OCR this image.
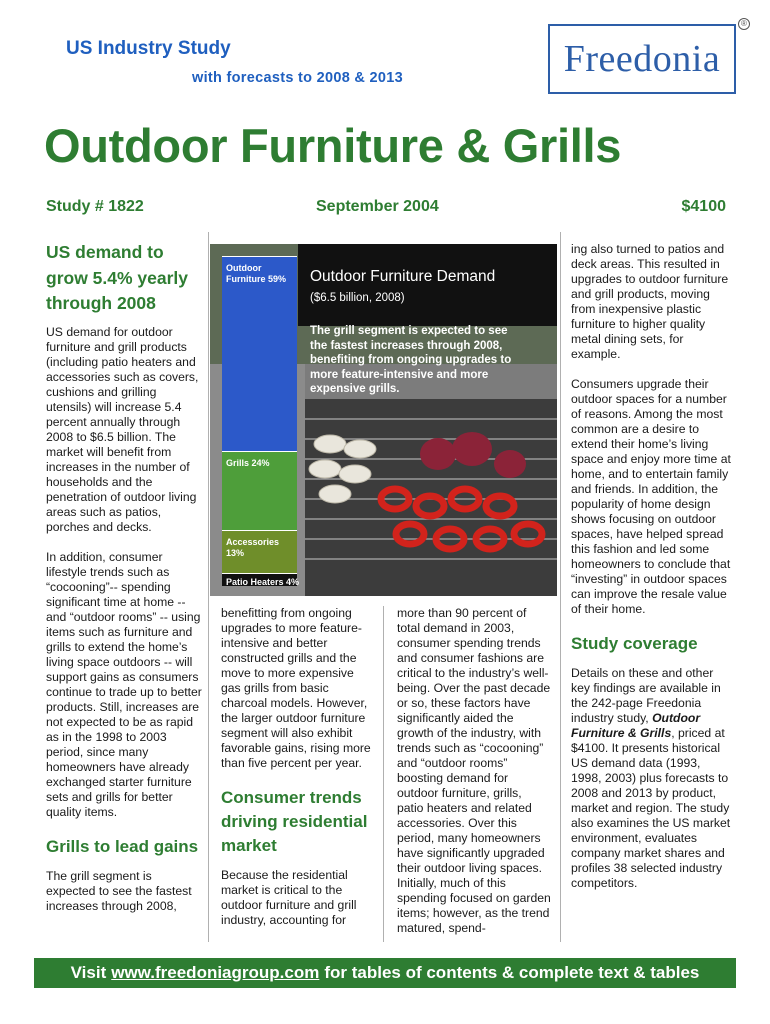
US Industry Study
with forecasts to 2008 & 2013	Freedonia
®
Outdoor Furniture & Grills
Study # 1822	September 2004	$4100
US demand to grow 5.4% yearly through 2008

US demand for outdoor furniture and grill products (including patio heaters and accessories such as covers, cushions and grilling utensils) will increase 5.4 percent annually through 2008 to $6.5 billion. The market will benefit from increases in the number of households and the penetration of outdoor living areas such as patios, porches and decks.

In addition, consumer lifestyle trends such as “cocooning”-- spending significant time at home -- and “outdoor rooms” -- using items such as furniture and grills to extend the home’s living space outdoors -- will support gains as consumers continue to trade up to better products. Still, increases are not expected to be as rapid as in the 1998 to 2003 period, since many homeowners have already exchanged starter furniture sets and grills for better quality items.

Grills to lead gains

The grill segment is expected to see the fastest increases through 2008,

Outdoor Furniture Demand
($6.5 billion, 2008)
The grill segment is expected to see the fastest increases through 2008, benefiting from ongoing upgrades to more feature-intensive and more expensive grills.
Outdoor Furniture 59%
Grills 24%
Accessories 13%
Patio Heaters 4%

benefitting from ongoing upgrades to more feature-intensive and better constructed grills and the move to more expensive gas grills from basic charcoal models. However, the larger outdoor furniture segment will also exhibit favorable gains, rising more than five percent per year.

Consumer trends driving residential market

Because the residential market is critical to the outdoor furniture and grill industry, accounting for

more than 90 percent of total demand in 2003, consumer spending trends and consumer fashions are critical to the industry’s well-being. Over the past decade or so, these factors have significantly aided the growth of the industry, with trends such as “cocooning” and “outdoor rooms” boosting demand for outdoor furniture, grills, patio heaters and related accessories. Over this period, many homeowners have significantly upgraded their outdoor living spaces. Initially, much of this spending focused on garden items; however, as the trend matured, spend-

ing also turned to patios and deck areas. This resulted in upgrades to outdoor furniture and grill products, moving from inexpensive plastic furniture to higher quality metal dining sets, for example.

Consumers upgrade their outdoor spaces for a number of reasons. Among the most common are a desire to extend their home’s living space and enjoy more time at home, and to entertain family and friends. In addition, the popularity of home design shows focusing on outdoor spaces, have helped spread this fashion and led some homeowners to conclude that “investing” in outdoor spaces can improve the resale value of their home.

Study coverage

Details on these and other key findings are available in the 242-page Freedonia industry study, Outdoor Furniture & Grills, priced at $4100. It presents historical US demand data (1993, 1998, 2003) plus forecasts to 2008 and 2013 by product, market and region. The study also examines the US market environment, evaluates company market shares and profiles 38 selected industry competitors.

Visit www.freedoniagroup.com for tables of contents & complete text & tables
